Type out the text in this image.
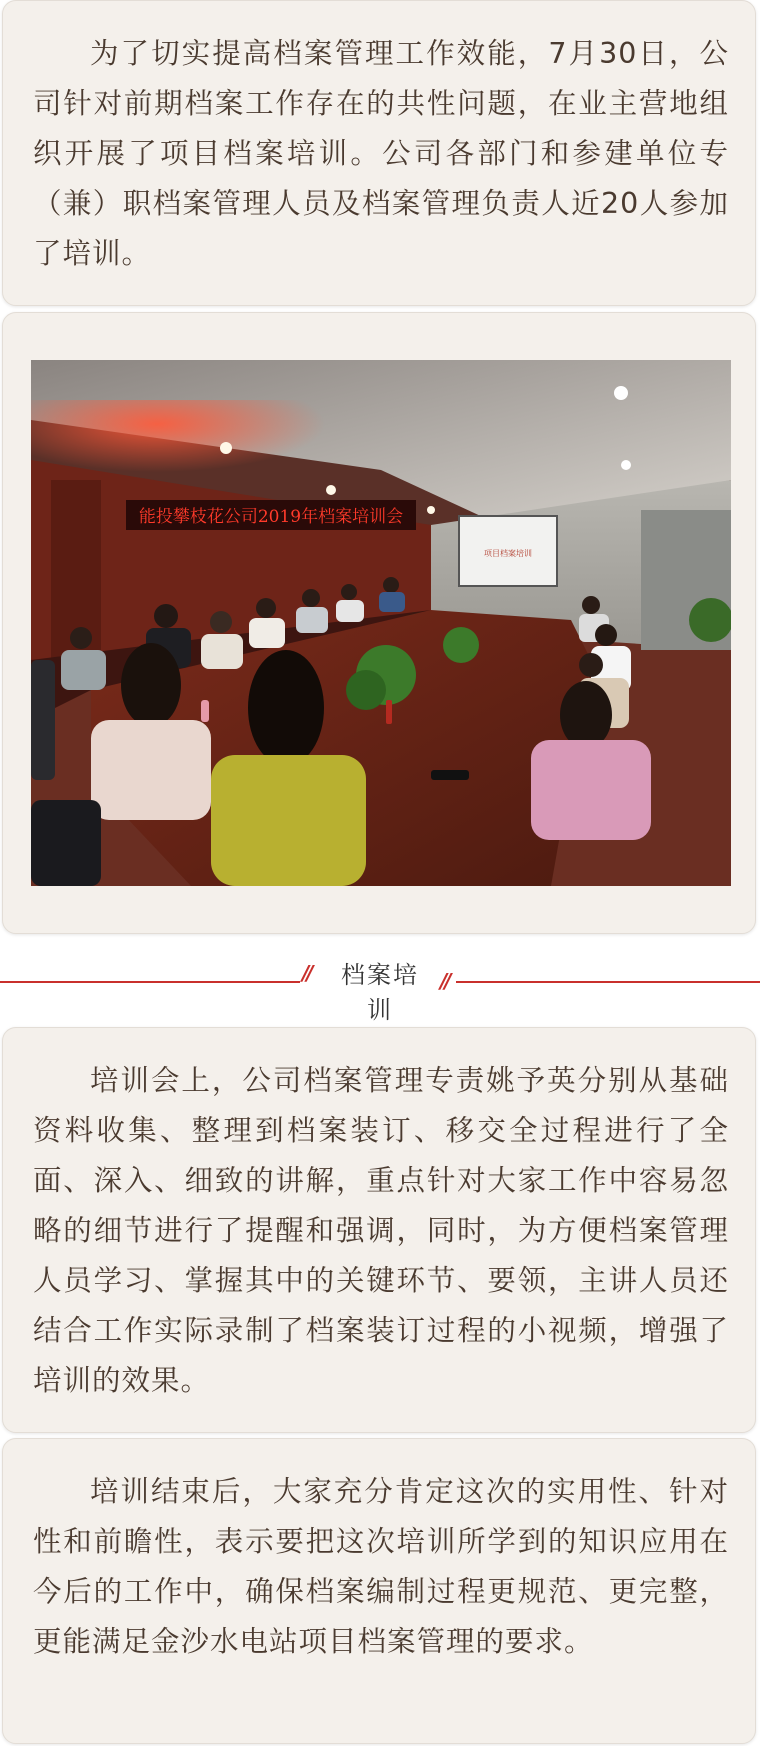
为了切实提高档案管理工作效能，7月30日，公司针对前期档案工作存在的共性问题，在业主营地组织开展了项目档案培训。公司各部门和参建单位专（兼）职档案管理人员及档案管理负责人近20人参加了培训。

能投攀枝花公司2019年档案培训会
项目档案培训
//	档案培训
//

培训会上，公司档案管理专责姚予英分别从基础资料收集、整理到档案装订、移交全过程进行了全面、深入、细致的讲解，重点针对大家工作中容易忽略的细节进行了提醒和强调，同时，为方便档案管理人员学习、掌握其中的关键环节、要领，主讲人员还结合工作实际录制了档案装订过程的小视频，增强了培训的效果。

培训结束后，大家充分肯定这次的实用性、针对性和前瞻性，表示要把这次培训所学到的知识应用在今后的工作中，确保档案编制过程更规范、更完整，更能满足金沙水电站项目档案管理的要求。
